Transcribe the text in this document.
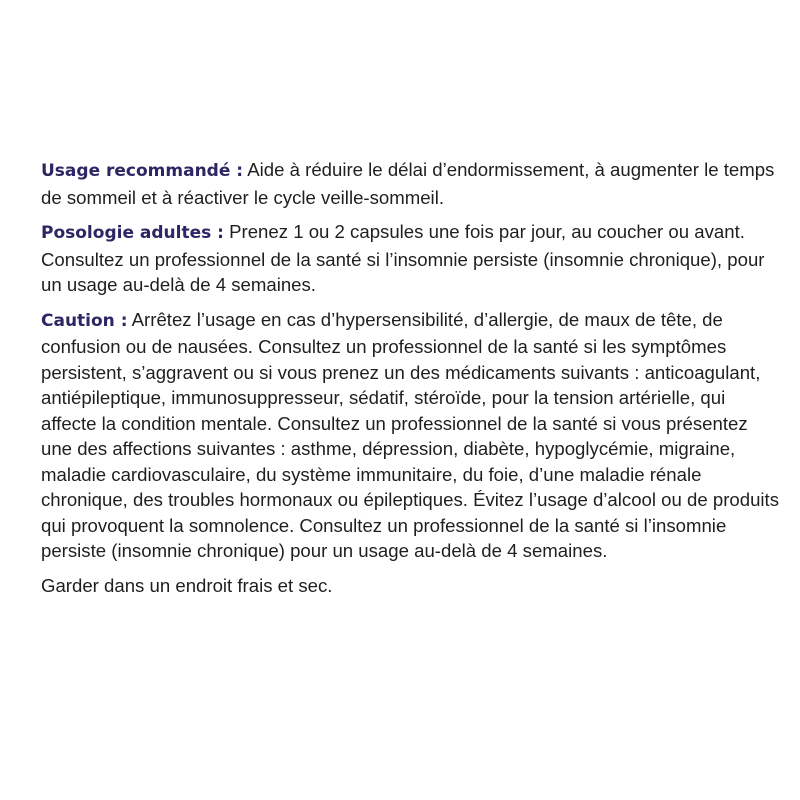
Usage recommandé : Aide à réduire le délai d’endormissement, à augmenter le temps de sommeil et à réactiver le cycle veille-sommeil.

Posologie adultes : Prenez 1 ou 2 capsules une fois par jour, au coucher ou avant. Consultez un professionnel de la santé si l’insomnie persiste (insomnie chronique), pour un usage au-delà de 4 semaines.

Caution : Arrêtez l’usage en cas d’hypersensibilité, d’allergie, de maux de tête, de confusion ou de nausées. Consultez un professionnel de la santé si les symptômes persistent, s’aggravent ou si vous prenez un des médicaments suivants : anticoagulant, antiépileptique, immunosuppresseur, sédatif, stéroïde, pour la tension artérielle, qui affecte la condition mentale. Consultez un professionnel de la santé si vous présentez une des affections suivantes : asthme, dépression, diabète, hypoglycémie, migraine, maladie cardiovasculaire, du système immunitaire, du foie, d’une maladie rénale chronique, des troubles hormonaux ou épileptiques. Évitez l’usage d’alcool ou de produits qui provoquent la somnolence. Consultez un professionnel de la santé si l’insomnie persiste (insomnie chronique) pour un usage au-delà de 4 semaines.

Garder dans un endroit frais et sec.
